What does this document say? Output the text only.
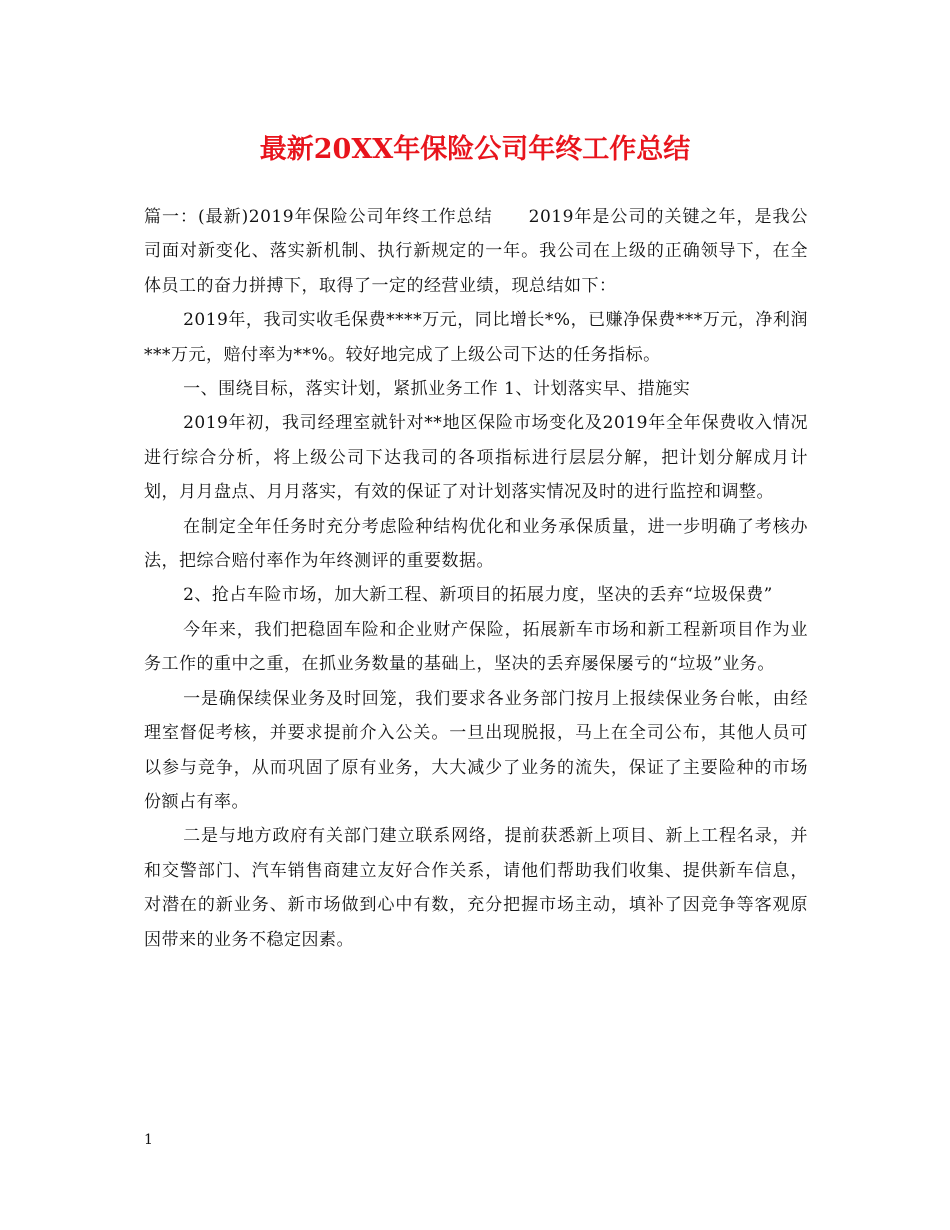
最新20XX年保险公司年终工作总结

篇一：(最新)2019年保险公司年终工作总结　　2019年是公司的关键之年，是我公司面对新变化、落实新机制、执行新规定的一年。我公司在上级的正确领导下，在全体员工的奋力拼搏下，取得了一定的经营业绩，现总结如下：

2019年，我司实收毛保费****万元，同比增长*%，已赚净保费***万元，净利润***万元，赔付率为**%。较好地完成了上级公司下达的任务指标。

一、围绕目标，落实计划，紧抓业务工作 1、计划落实早、措施实

2019年初，我司经理室就针对**地区保险市场变化及2019年全年保费收入情况进行综合分析，将上级公司下达我司的各项指标进行层层分解，把计划分解成月计划，月月盘点、月月落实，有效的保证了对计划落实情况及时的进行监控和调整。

在制定全年任务时充分考虑险种结构优化和业务承保质量，进一步明确了考核办法，把综合赔付率作为年终测评的重要数据。

2、抢占车险市场，加大新工程、新项目的拓展力度，坚决的丢弃“垃圾保费”

今年来，我们把稳固车险和企业财产保险，拓展新车市场和新工程新项目作为业务工作的重中之重，在抓业务数量的基础上，坚决的丢弃屡保屡亏的“垃圾”业务。

一是确保续保业务及时回笼，我们要求各业务部门按月上报续保业务台帐，由经理室督促考核，并要求提前介入公关。一旦出现脱报，马上在全司公布，其他人员可以参与竞争，从而巩固了原有业务，大大减少了业务的流失，保证了主要险种的市场份额占有率。

二是与地方政府有关部门建立联系网络，提前获悉新上项目、新上工程名录，并和交警部门、汽车销售商建立友好合作关系，请他们帮助我们收集、提供新车信息，对潜在的新业务、新市场做到心中有数，充分把握市场主动，填补了因竞争等客观原因带来的业务不稳定因素。

1
